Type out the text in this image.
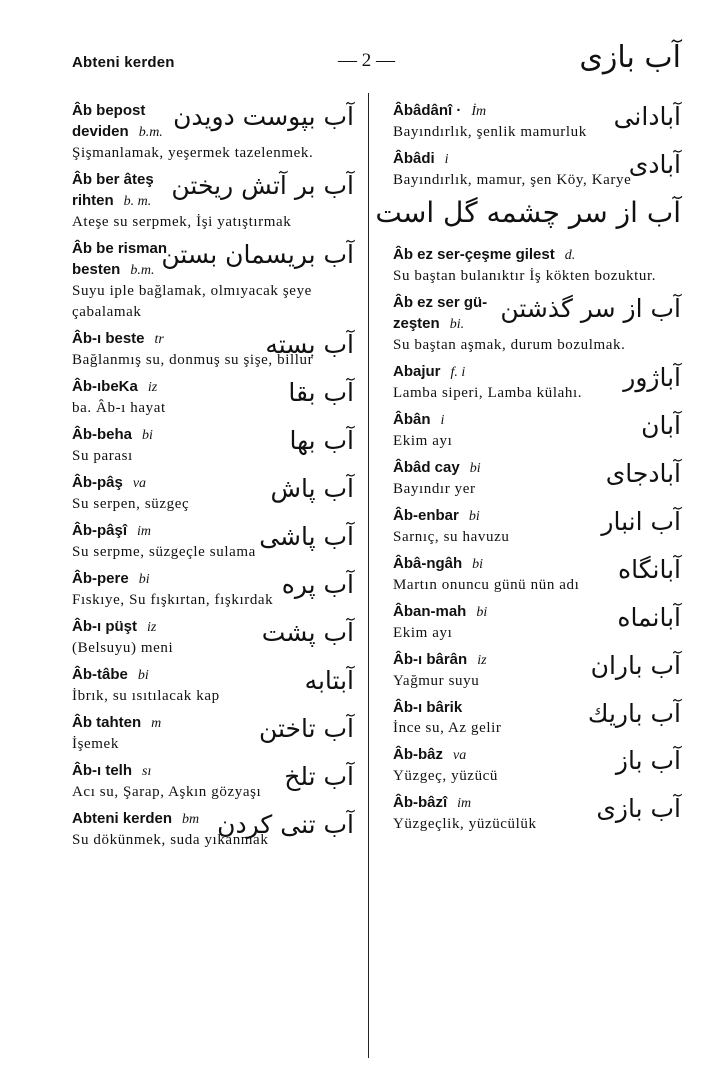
Abteni kerden	— 2 —	آب بازى
آب بپوست دويدن
Âb bepost
deviden b.m.
Şişmanlamak, yeşermek tazelenmek.
آب بر آتش ريختن
Âb ber âteş
rihten b. m.
Ateşe su serpmek, İşi yatıştırmak
آب بريسمان بستن
Âb be risman
besten b.m.
Suyu iple bağlamak, olmıyacak şeye çabalamak
آب بسته
Âb-ı beste tr
Bağlanmış su, donmuş su şişe, billur
آب بقا
Âb-ıbeKa iz
ba. Âb-ı hayat
آب بها
Âb-beha bi
Su parası
آب پاش
Âb-pâş va
Su serpen, süzgeç
آب پاشى
Âb-pâşî im
Su serpme, süzgeçle sulama
آب پره
Âb-pere bi
Fıskıye, Su fışkırtan, fışkırdak
آب پشت
Âb-ı püşt iz
(Belsuyu) meni
آبتابه
Âb-tâbe bi
İbrık, su ısıtılacak kap
آب تاختن
Âb tahten m
İşemek
آب تلخ
Âb-ı telh sı
Acı su, Şarap, Aşkın gözyaşı
آب تنى كردن
Abteni kerden bm
Su dökünmek, suda yıkanmak
آبادانى
Âbâdânî · İm
Bayındırlık, şenlik mamurluk
آبادى
Âbâdi i
Bayındırlık, mamur, şen Köy, Karye
آب از سر چشمه گل است
Âb ez ser-çeşme gilest d.
Su baştan bulanıktır İş kökten bozuktur.
آب از سر گذشتن
Âb ez ser gü-
zeşten bi.
Su baştan aşmak, durum bozulmak.
آباژور
Abajur f. i
Lamba siperi, Lamba külahı.
آبان
Âbân i
Ekim ayı
آبادجاى
Âbâd cay bi
Bayındır yer
آب انبار
Âb-enbar bi
Sarnıç, su havuzu
آبانگاه
Âbâ-ngâh bi
Martın onuncu günü nün adı
آبانماه
Âban-mah bi
Ekim ayı
آب باران
Âb-ı bârân iz
Yağmur suyu
آب باريك
Âb-ı bârik
İnce su, Az gelir
آب باز
Âb-bâz va
Yüzgeç, yüzücü
آب بازى
Âb-bâzî im
Yüzgeçlik, yüzücülük
